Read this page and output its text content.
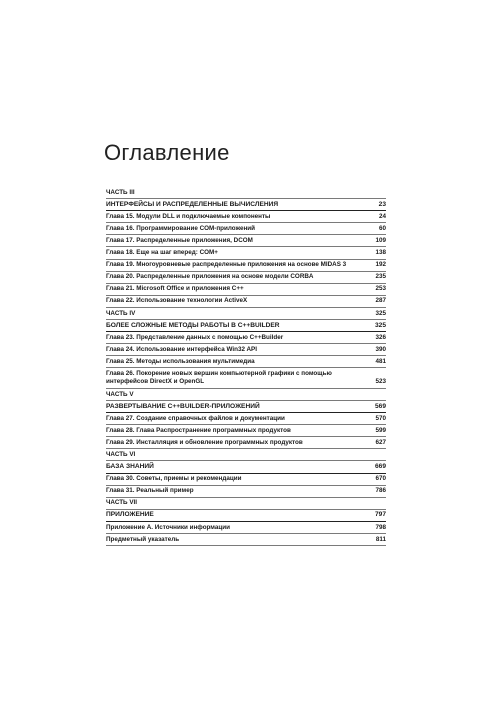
Оглавление
ЧАСТЬ III
ИНТЕРФЕЙСЫ И РАСПРЕДЕЛЕННЫЕ ВЫЧИСЛЕНИЯ	23
Глава 15. Модули DLL и подключаемые компоненты	24
Глава 16. Программирование COM-приложений	60
Глава 17. Распределенные приложения, DCOM	109
Глава 18. Еще на шаг вперед: COM+	138
Глава 19. Многоуровневые распределенные приложения на основе MIDAS 3	192
Глава 20. Распределенные приложения на основе модели CORBA	235
Глава 21. Microsoft Office и приложения C++	253
Глава 22. Использование технологии ActiveX	287
ЧАСТЬ IV	325
БОЛЕЕ СЛОЖНЫЕ МЕТОДЫ РАБОТЫ В C++BUILDER	325
Глава 23. Представление данных с помощью C++Builder	326
Глава 24. Использование интерфейса Win32 API	390
Глава 25. Методы использования мультимедиа	481
Глава 26. Покорение новых вершин компьютерной графики с помощью
интерфейсов DirectX и OpenGL	523
ЧАСТЬ V
РАЗВЕРТЫВАНИЕ C++BUILDER-ПРИЛОЖЕНИЙ	569
Глава 27. Создание справочных файлов и документации	570
Глава 28. Глава Распространение программных продуктов	599
Глава 29. Инсталляция и обновление программных продуктов	627
ЧАСТЬ VI
БАЗА ЗНАНИЙ	669
Глава 30. Советы, приемы и рекомендации	670
Глава 31. Реальный пример	786
ЧАСТЬ VII
ПРИЛОЖЕНИЕ	797
Приложение А. Источники информации	798
Предметный указатель	811
